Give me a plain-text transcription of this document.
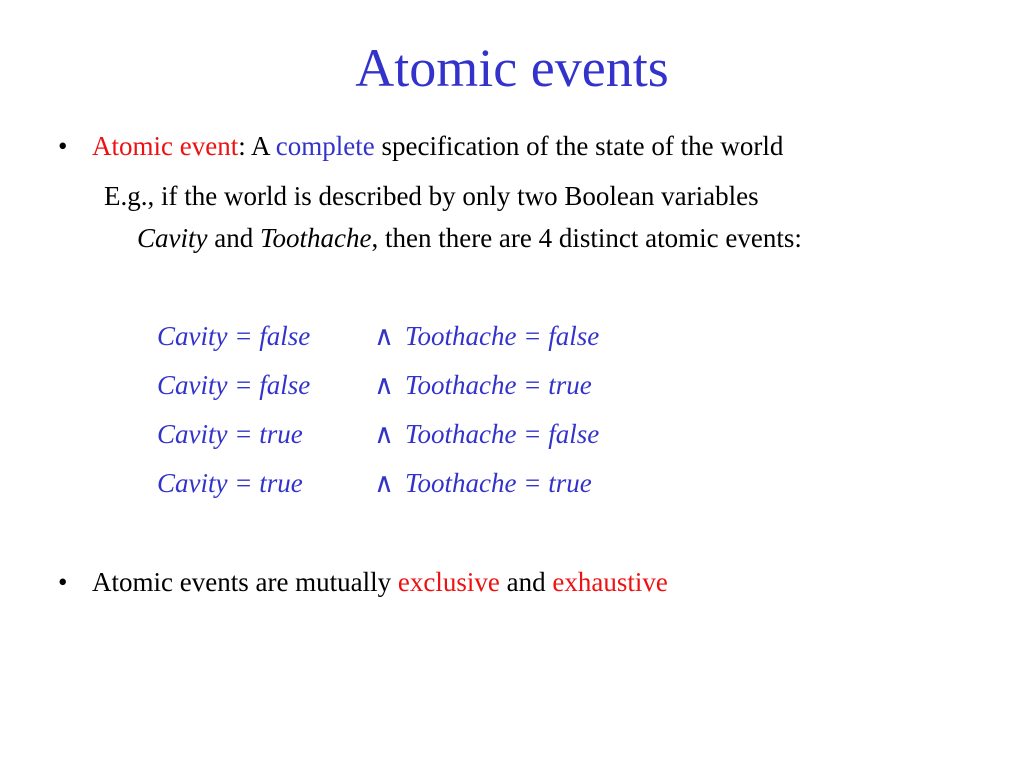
Atomic events
• Atomic event: A complete specification of the state of the world
E.g., if the world is described by only two Boolean variables
Cavity and Toothache, then there are 4 distinct atomic events:
Cavity = false ∧ Toothache = false
Cavity = false ∧ Toothache = true
Cavity = true	∧ Toothache = false
Cavity = true	∧ Toothache = true
• Atomic events are mutually exclusive and exhaustive
